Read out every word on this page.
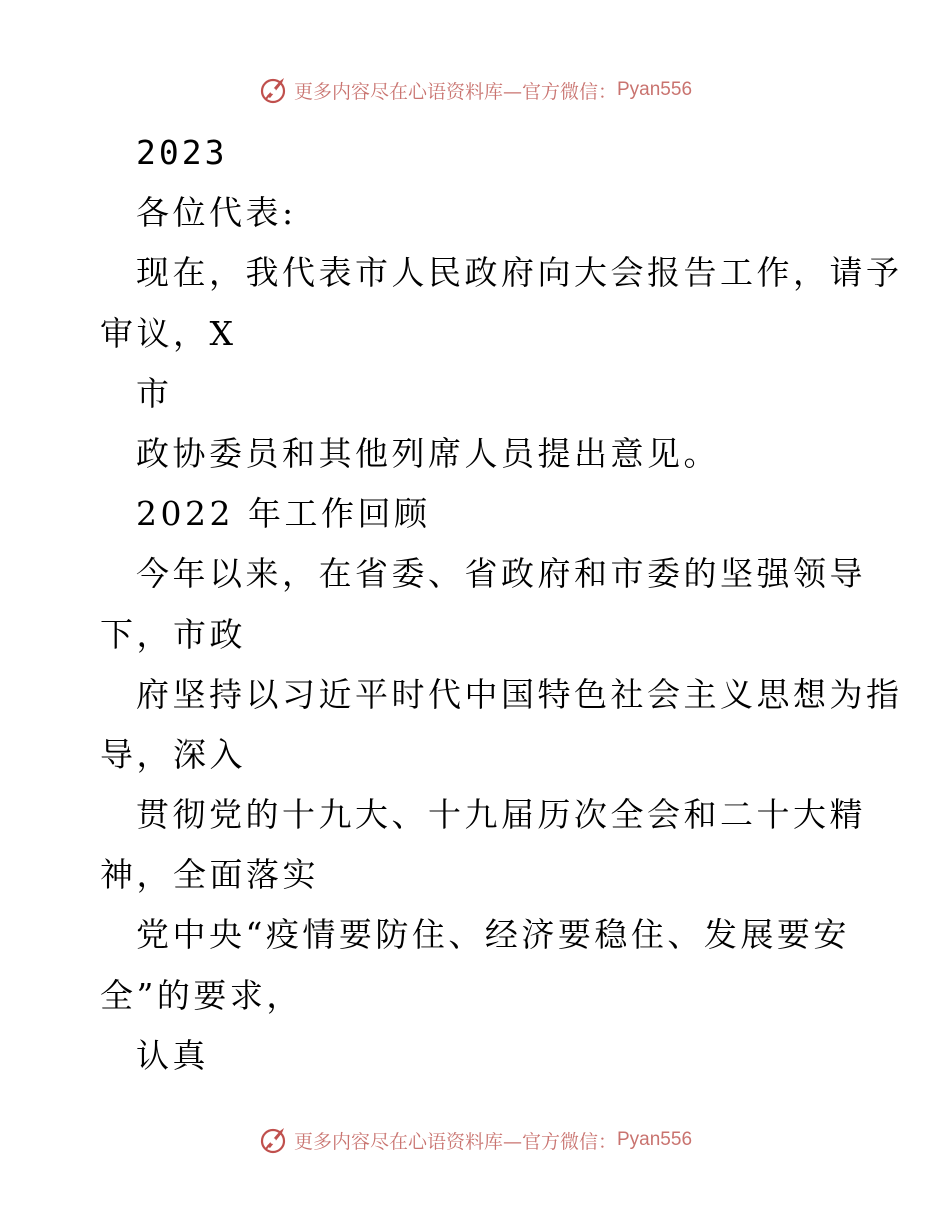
更多内容尽在心语资料库—官方微信： Pyan556
2023
各位代表:
现在，我代表市人民政府向大会报告工作，请予
审议，X
市
政协委员和其他列席人员提出意见。
2022 年工作回顾
今年以来，在省委、省政府和市委的坚强领导
下，市政
府坚持以习近平时代中国特色社会主义思想为指
导，深入
贯彻党的十九大、十九届历次全会和二十大精
神，全面落实
党中央“疫情要防住、经济要稳住、发展要安
全”的要求，
认真
更多内容尽在心语资料库—官方微信： Pyan556
